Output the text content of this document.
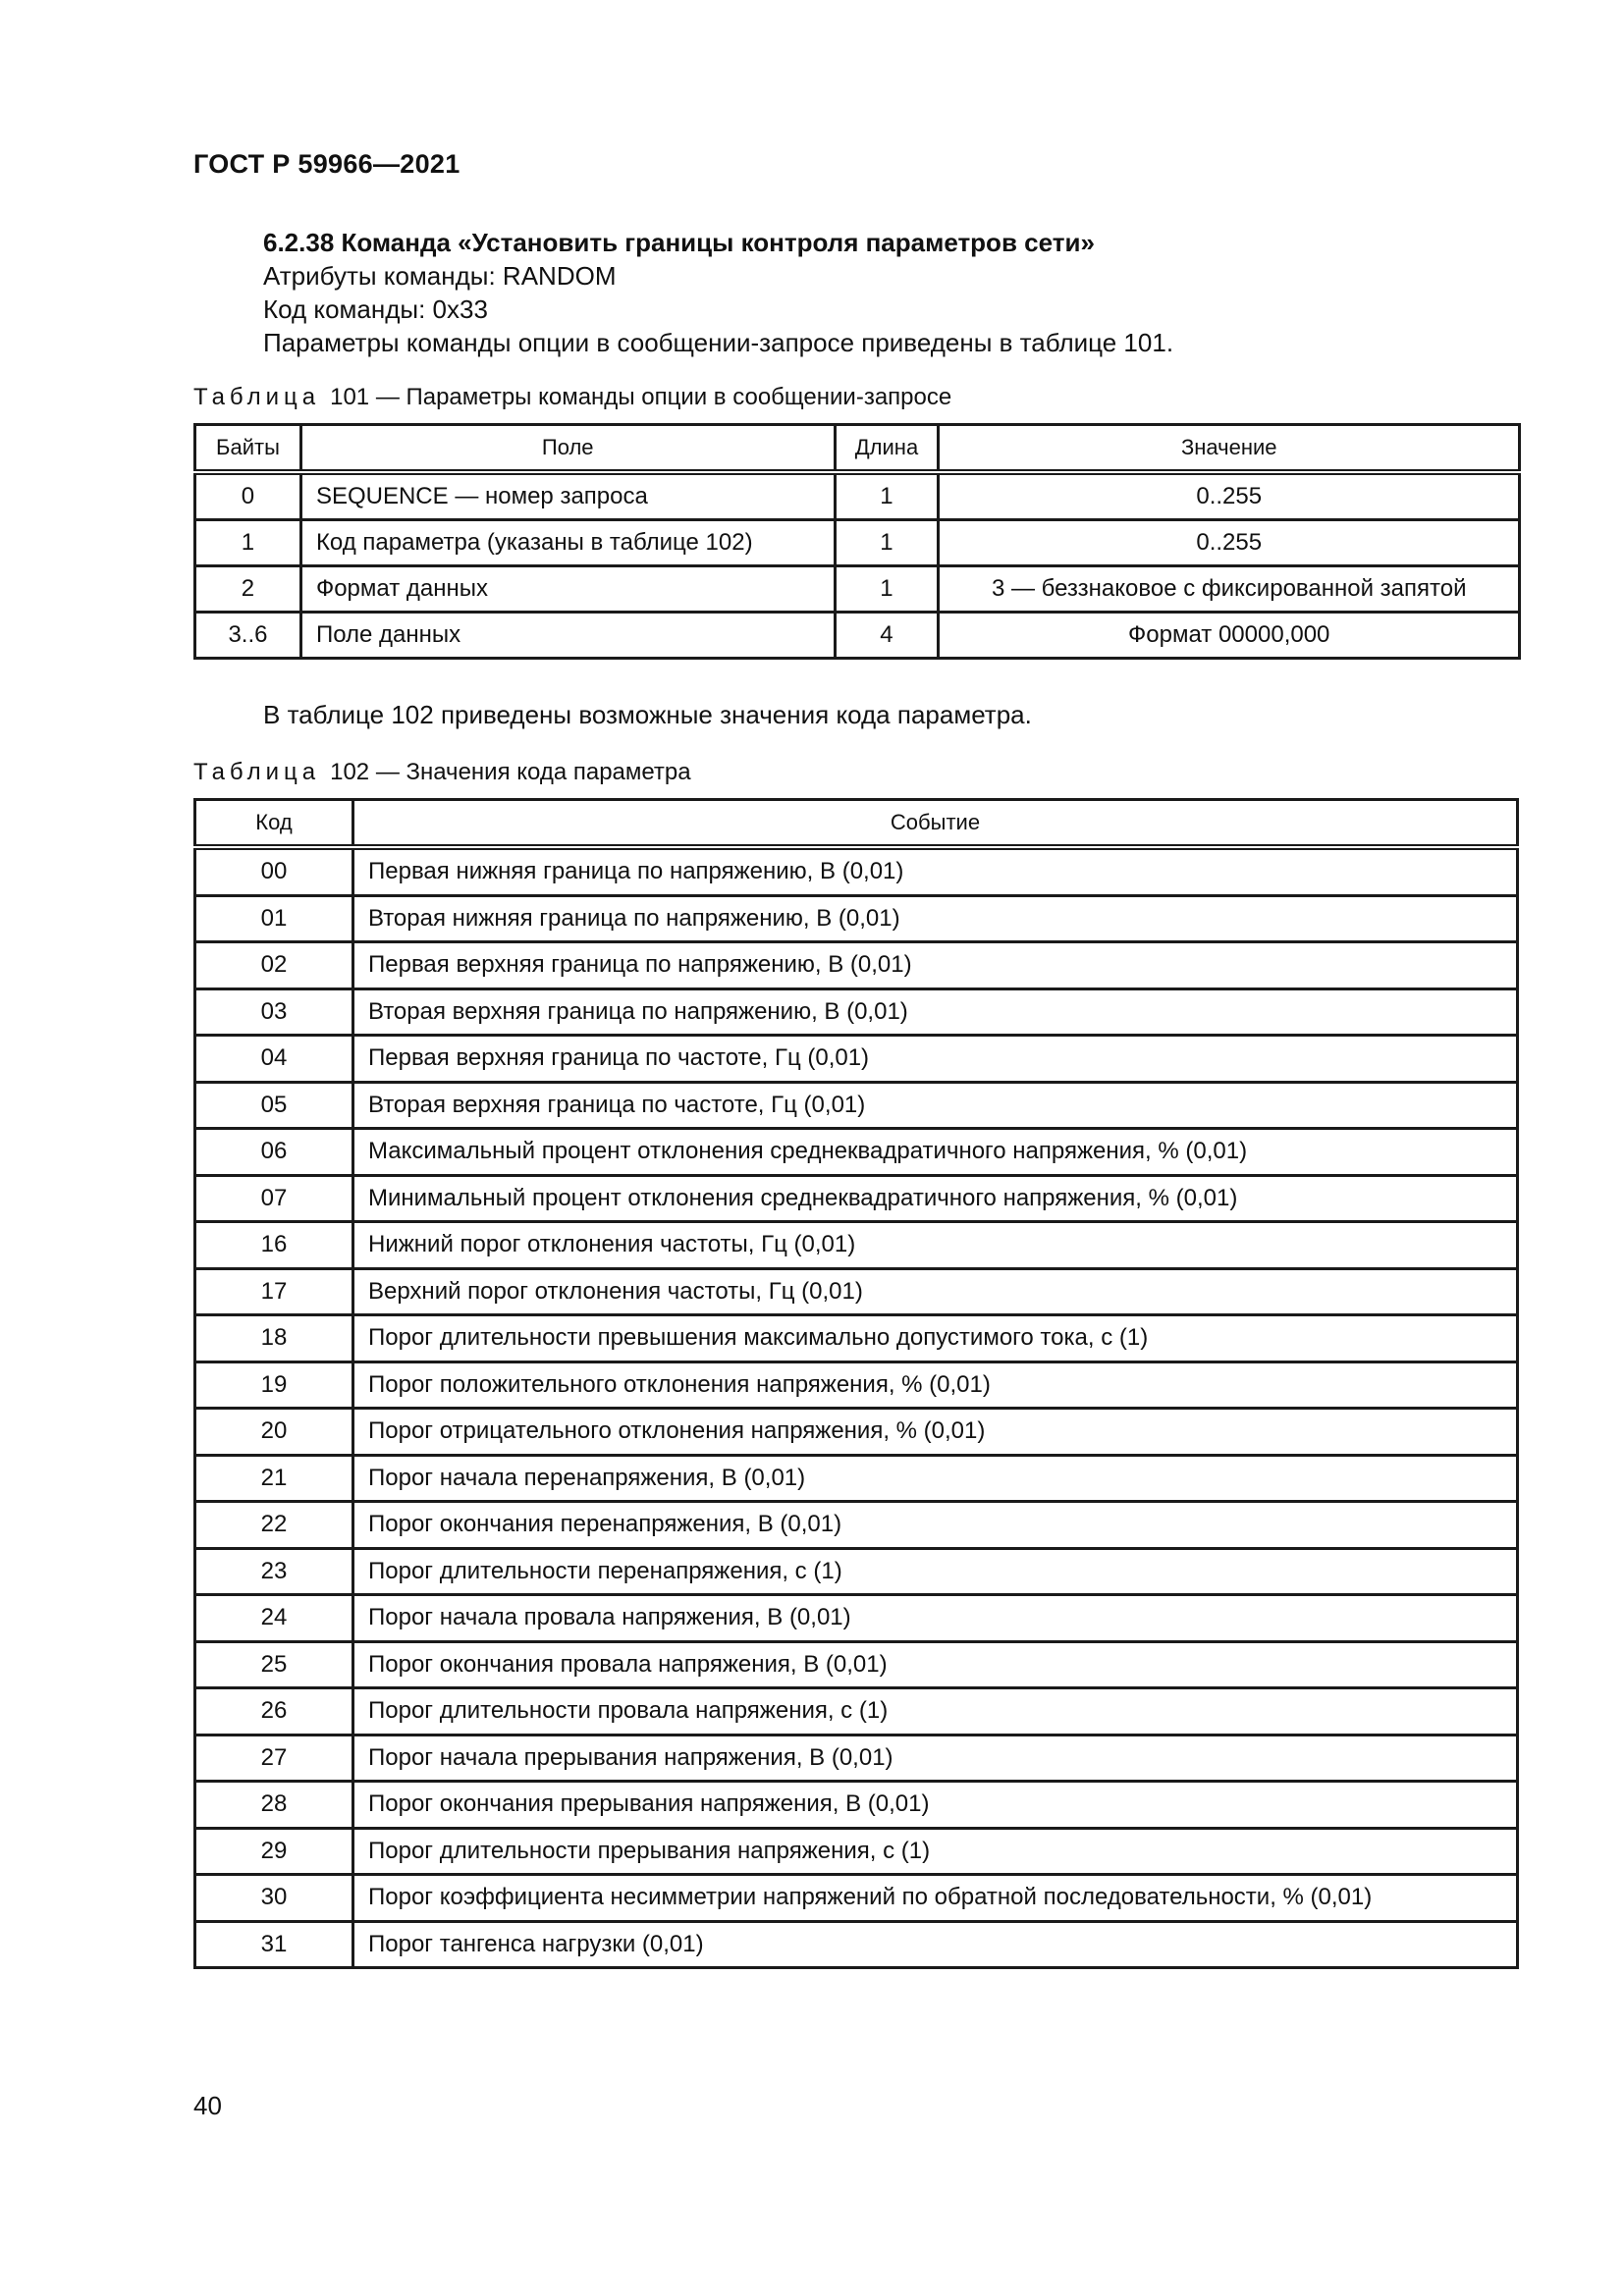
ГОСТ Р 59966—2021
6.2.38 Команда «Установить границы контроля параметров сети»
Атрибуты команды: RANDOM
Код команды: 0x33
Параметры команды опции в сообщении-запросе приведены в таблице 101.
Таблица 101 — Параметры команды опции в сообщении-запросе
Байты	Поле	Длина	Значение
0	SEQUENCE — номер запроса	1	0..255
1	Код параметра (указаны в таблице 102)	1	0..255
2	Формат данных	1	3 — беззнаковое с фиксированной запятой
3..6	Поле данных	4	Формат 00000,000
В таблице 102 приведены возможные значения кода параметра.
Таблица 102 — Значения кода параметра
Код	Событие
00	Первая нижняя граница по напряжению, В (0,01)
01	Вторая нижняя граница по напряжению, В (0,01)
02	Первая верхняя граница по напряжению, В (0,01)
03	Вторая верхняя граница по напряжению, В (0,01)
04	Первая верхняя граница по частоте, Гц (0,01)
05	Вторая верхняя граница по частоте, Гц (0,01)
06	Максимальный процент отклонения среднеквадратичного напряжения, % (0,01)
07	Минимальный процент отклонения среднеквадратичного напряжения, % (0,01)
16	Нижний порог отклонения частоты, Гц (0,01)
17	Верхний порог отклонения частоты, Гц (0,01)
18	Порог длительности превышения максимально допустимого тока, с (1)
19	Порог положительного отклонения напряжения, % (0,01)
20	Порог отрицательного отклонения напряжения, % (0,01)
21	Порог начала перенапряжения, В (0,01)
22	Порог окончания перенапряжения, В (0,01)
23	Порог длительности перенапряжения, с (1)
24	Порог начала провала напряжения, В (0,01)
25	Порог окончания провала напряжения, В (0,01)
26	Порог длительности провала напряжения, с (1)
27	Порог начала прерывания напряжения, В (0,01)
28	Порог окончания прерывания напряжения, В (0,01)
29	Порог длительности прерывания напряжения, с (1)
30	Порог коэффициента несимметрии напряжений по обратной последовательности, % (0,01)
31	Порог тангенса нагрузки (0,01)
40
